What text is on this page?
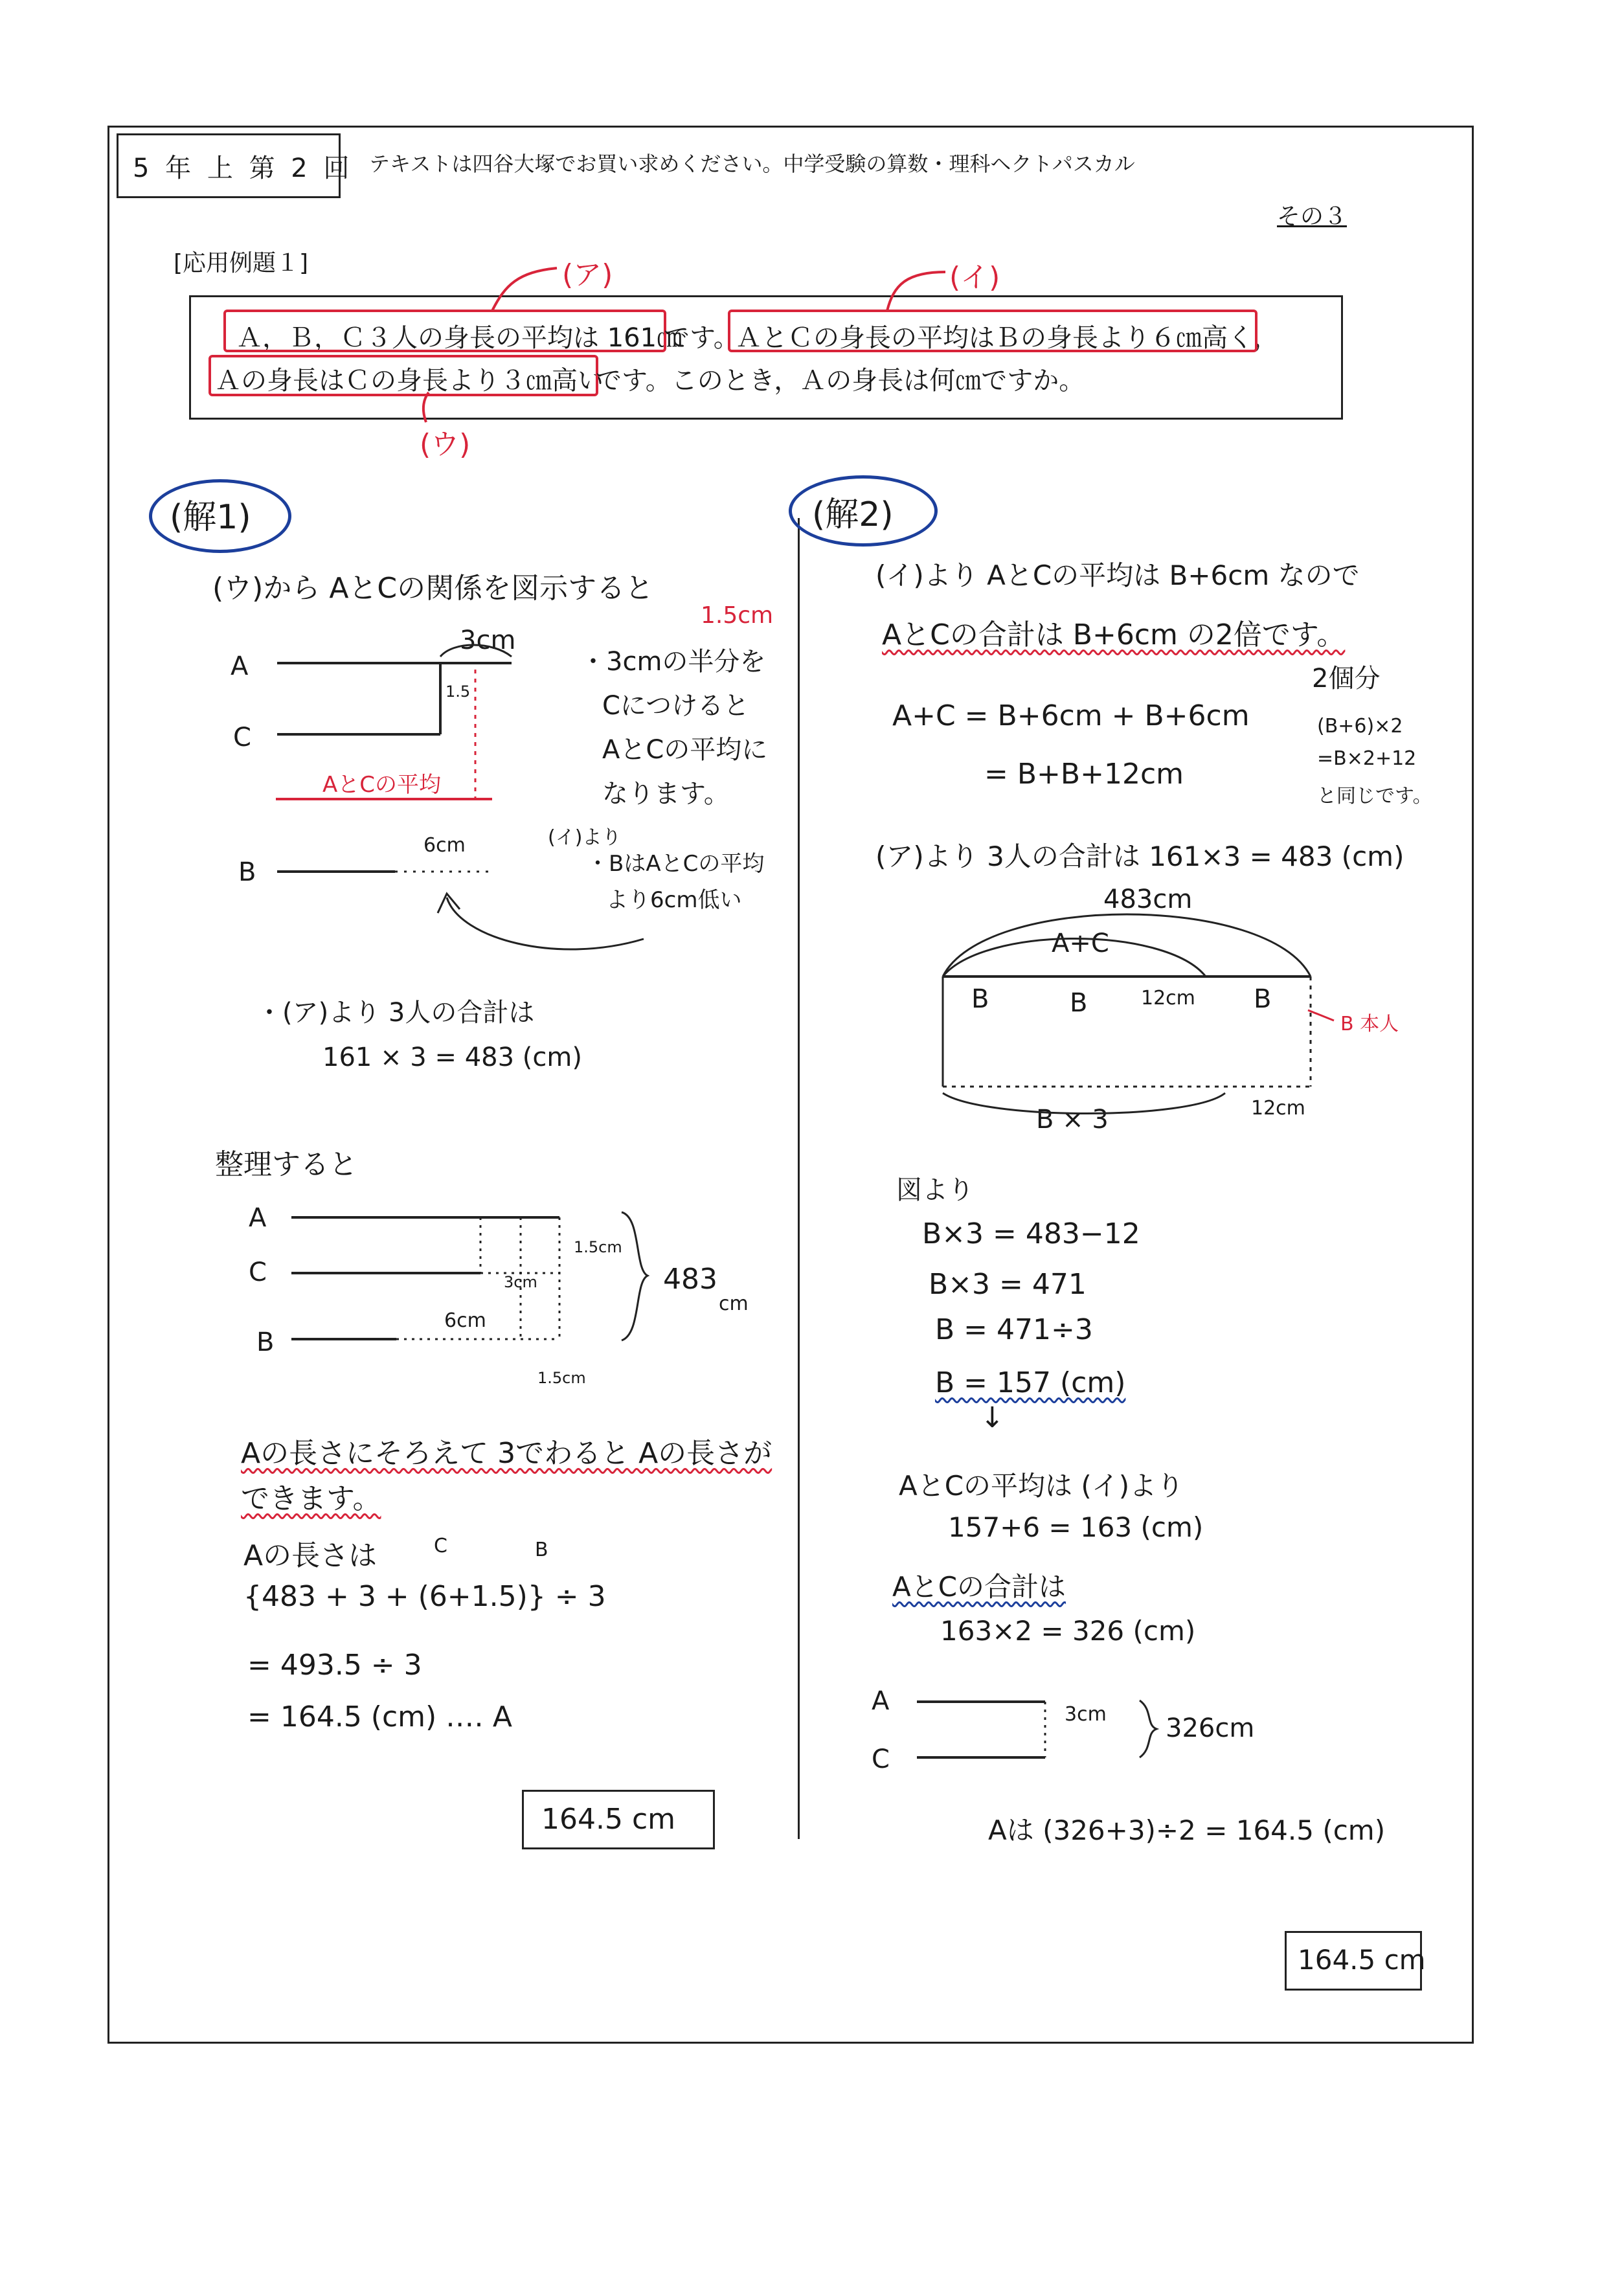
5 年 上 第 2 回 テキストは四谷大塚でお買い求めください。中学受験の算数・理科ヘクトパスカル
その３
[応用例題１]
Ａ，Ｂ，Ｃ３人の身長の平均は 161㎝
です。
ＡとＣの身長の平均はＢの身長より６㎝高く，
Ａの身長はＣの身長より３㎝高い
です。このとき，Ａの身長は何㎝ですか。
(ア)	(イ)
(ウ)
(解1)
(ウ)から AとCの関係を図示すると
A
C
B
3cm
1.5
1.5cm
AとCの平均
6cm
・3cmの半分を
Cにつけると
AとCの平均に
なります。
(イ)より
・BはAとCの平均
より6cm低い
・(ア)より 3人の合計は
161 × 3 = 483 (cm)
整理すると
A
C
B
1.5cm
3cm
6cm
1.5cm
483
cm
Aの長さにそろえて 3でわると Aの長さが
できます。
Aの長さは	C	B
{483 + 3 + (6+1.5)} ÷ 3
= 493.5 ÷ 3
= 164.5 (cm) ‥‥ A
164.5 cm
(解2)
(イ)より AとCの平均は B+6cm なので
AとCの合計は B+6cm の2倍です。
2個分
A+C = B+6cm + B+6cm
= B+B+12cm
(B+6)×2
=B×2+12
と同じです。
(ア)より 3人の合計は 161×3 = 483 (cm)
483cm
A+C
B	B	12cm B
B 本人
B × 3	12cm
図より
B×3 = 483−12
B×3 = 471
B = 471÷3
B = 157 (cm)
↓
AとCの平均は (イ)より
157+6 = 163 (cm)
AとCの合計は
163×2 = 326 (cm)
A
C
3cm 326cm
Aは (326+3)÷2 = 164.5 (cm)
164.5 cm
